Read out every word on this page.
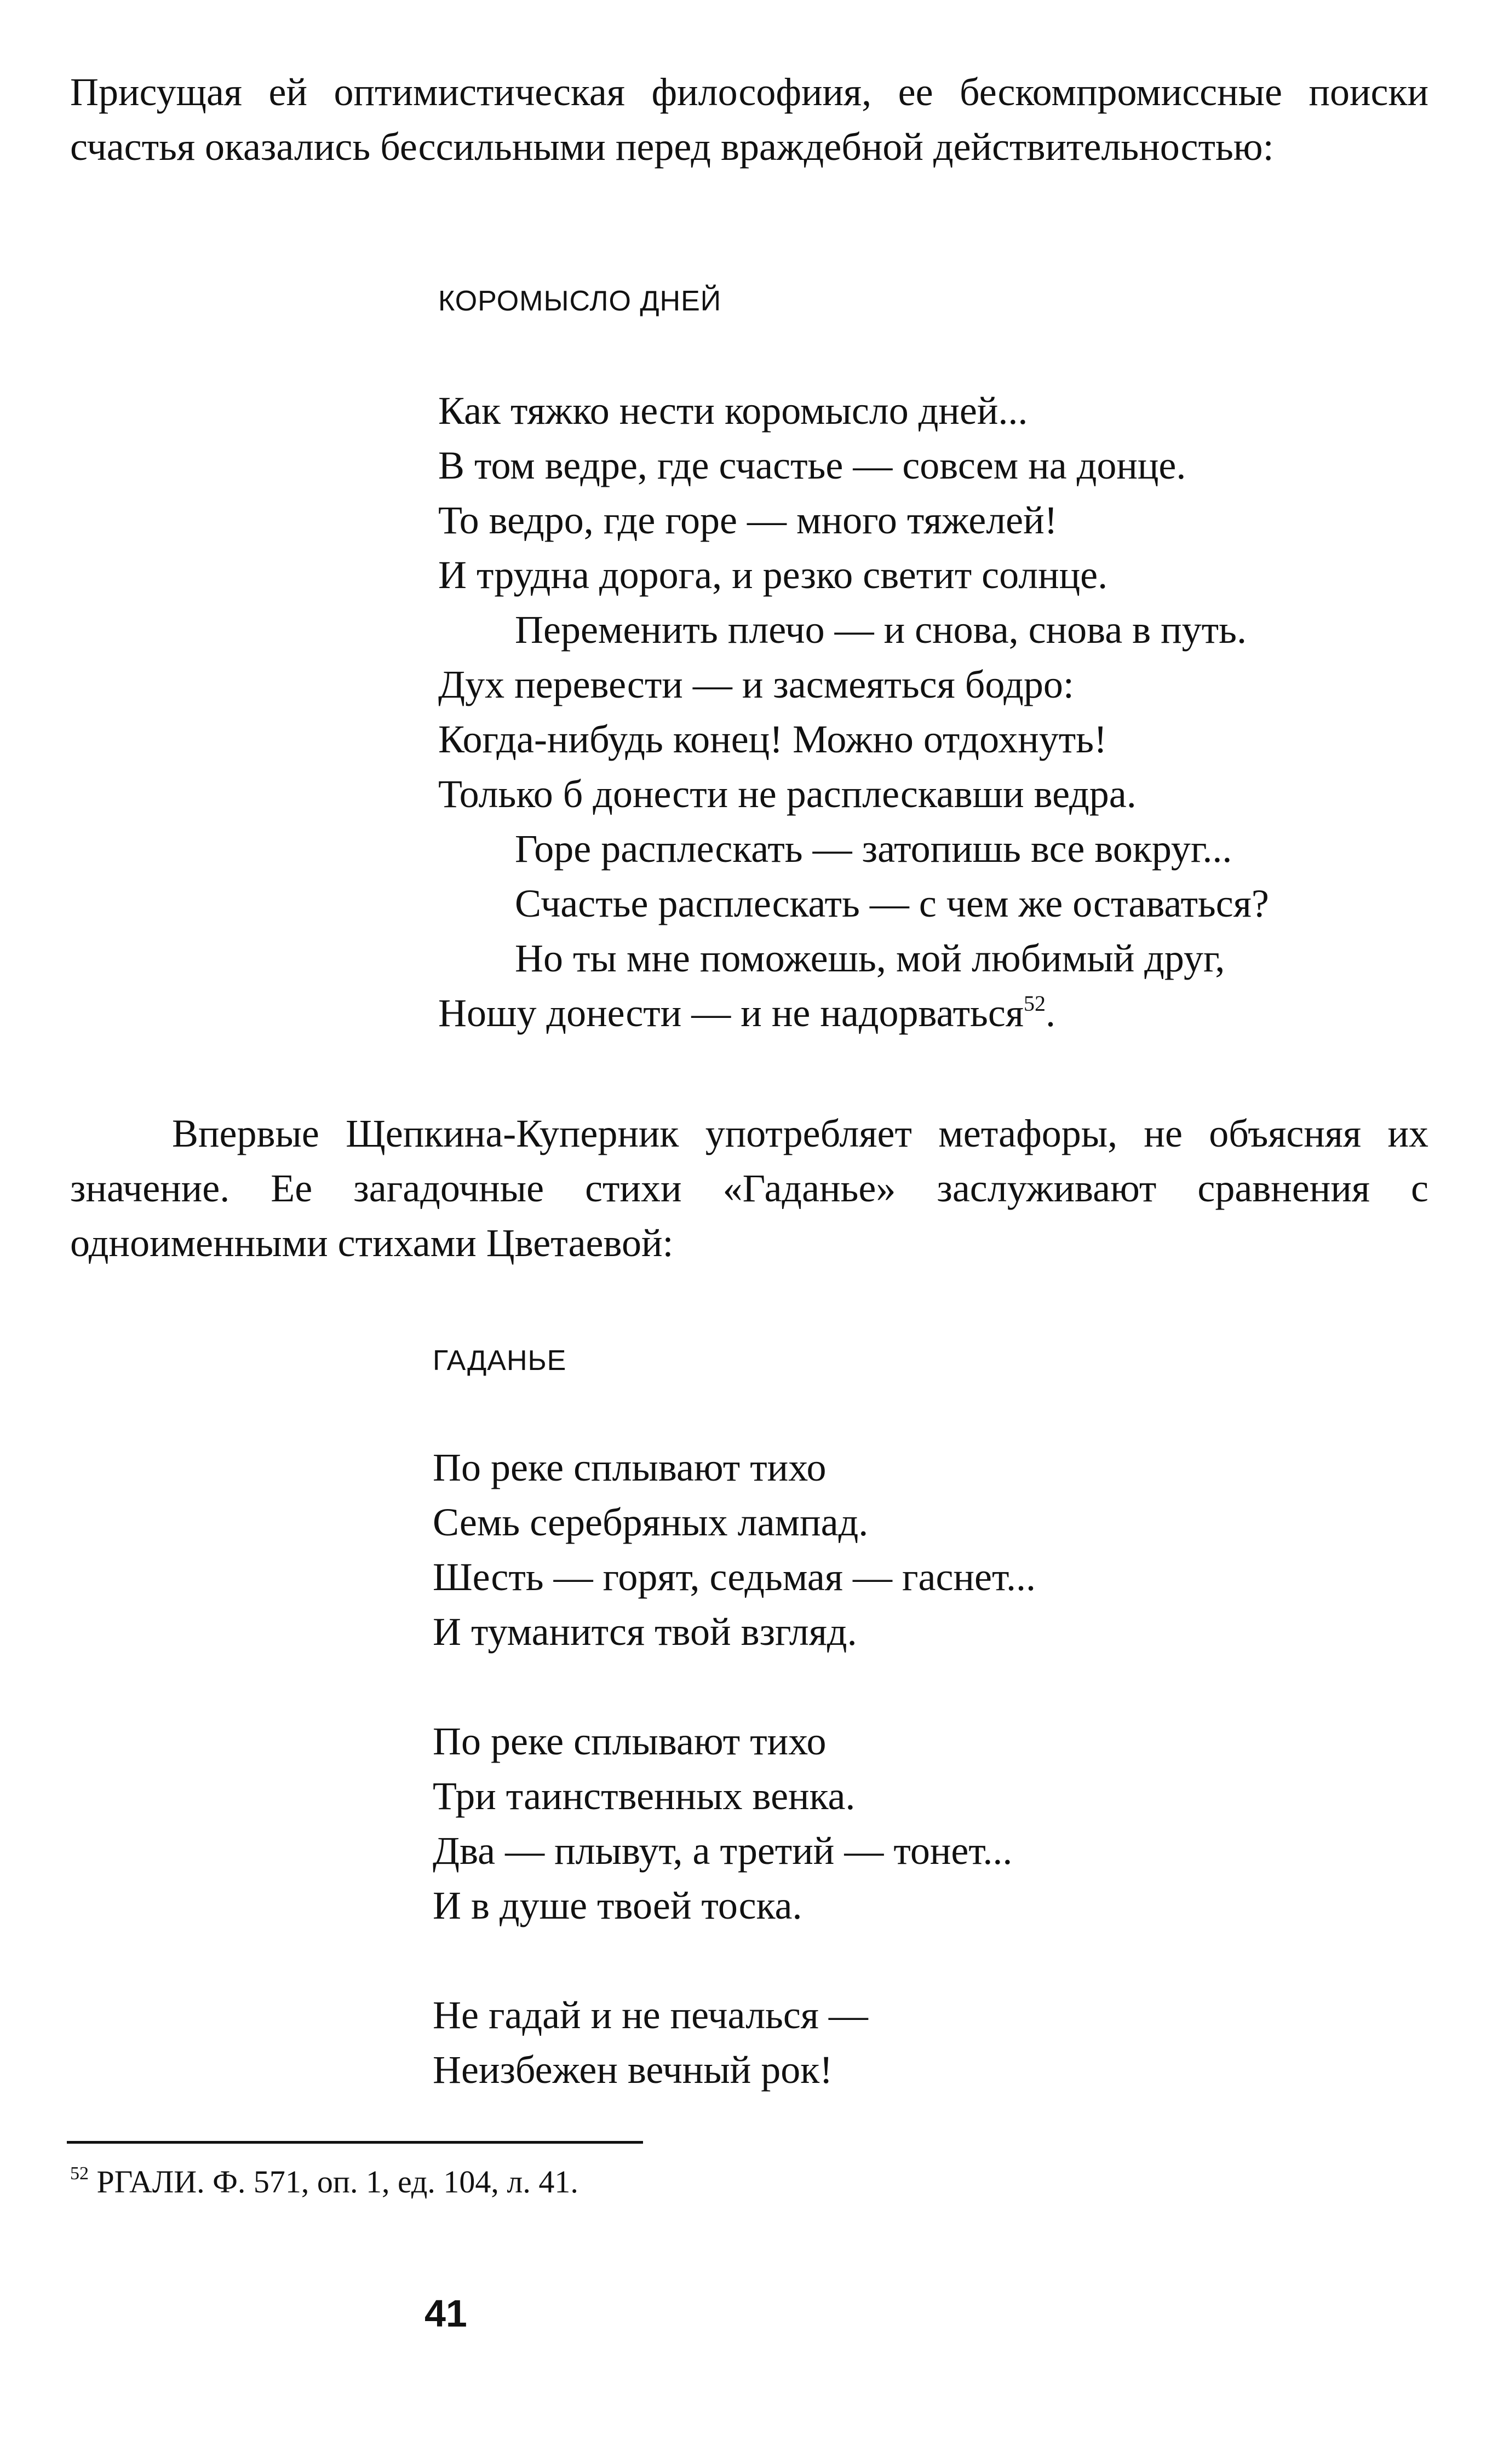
Присущая ей оптимистическая философиия, ее бескомпромиссные поиски счастья оказались бессильными перед враждебной действительностью:

КОРОМЫСЛО ДНЕЙ
Как тяжко нести коромысло дней...
В том ведре, где счастье — совсем на донце.
То ведро, где горе — много тяжелей!
И трудна дорога, и резко светит солнце.
Переменить плечо — и снова, снова в путь.
Дух перевести — и засмеяться бодро:
Когда-нибудь конец! Можно отдохнуть!
Только б донести не расплескавши ведра.
Горе расплескать — затопишь все вокруг...
Счастье расплескать — с чем же оставаться?
Но ты мне поможешь, мой любимый друг,
Ношу донести — и не надорваться$^{52}$.

Впервые Щепкина-Куперник употребляет метафоры, не объясняя их значение. Ее загадочные стихи «Гаданье» заслуживают сравнения с одноименными стихами Цветаевой:

ГАДАНЬЕ
По реке сплывают тихо
Семь серебряных лампад.
Шесть — горят, седьмая — гаснет...
И туманится твой взгляд.
По реке сплывают тихо
Три таинственных венка.
Два — плывут, а третий — тонет...
И в душе твоей тоска.
Не гадай и не печалься —
Неизбежен вечный рок!
$^{52}$ РГАЛИ. Ф. 571, оп. 1, ед. 104, л. 41.
41
